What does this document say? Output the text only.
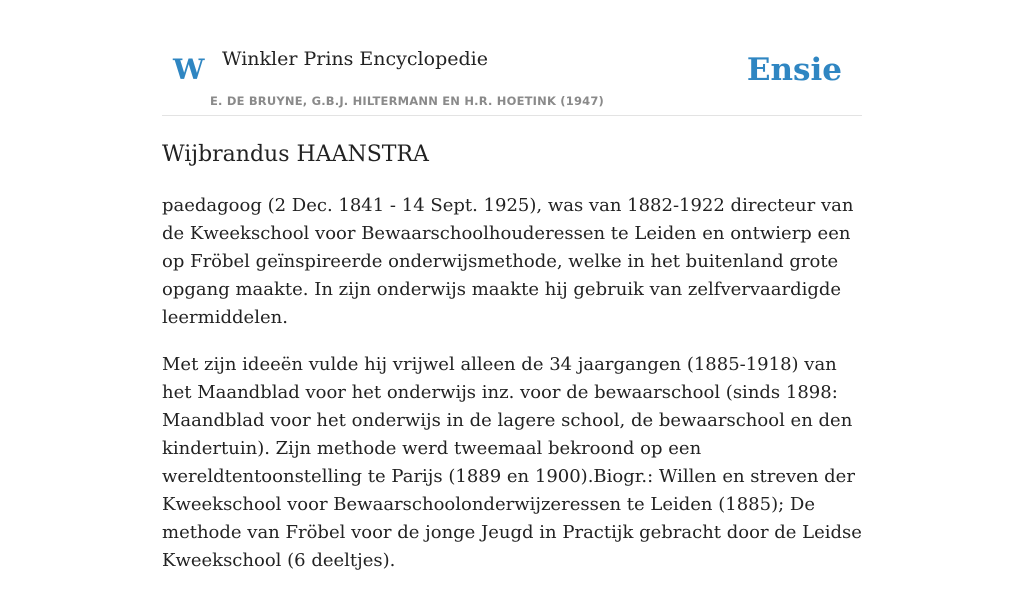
W Winkler Prins Encyclopedie
E. DE BRUYNE, G.B.J. HILTERMANN EN H.R. HOETINK (1947)
Ensie
Wijbrandus HAANSTRA

paedagoog (2 Dec. 1841 - 14 Sept. 1925), was van 1882-1922 directeur van de Kweekschool voor Bewaarschoolhouderessen te Leiden en ontwierp een op Fröbel geïnspireerde onderwijsmethode, welke in het buitenland grote opgang maakte. In zijn onderwijs maakte hij gebruik van zelfvervaardigde leermiddelen.

Met zijn ideeën vulde hij vrijwel alleen de 34 jaargangen (1885-1918) van het Maandblad voor het onderwijs inz. voor de bewaarschool (sinds 1898: Maandblad voor het onderwijs in de lagere school, de bewaarschool en den kindertuin). Zijn methode werd tweemaal bekroond op een wereldtentoonstelling te Parijs (1889 en 1900).Biogr.: Willen en streven der Kweekschool voor Bewaarschoolonderwijzeressen te Leiden (1885); De methode van Fröbel voor de jonge Jeugd in Practijk gebracht door de Leidse Kweekschool (6 deeltjes).
